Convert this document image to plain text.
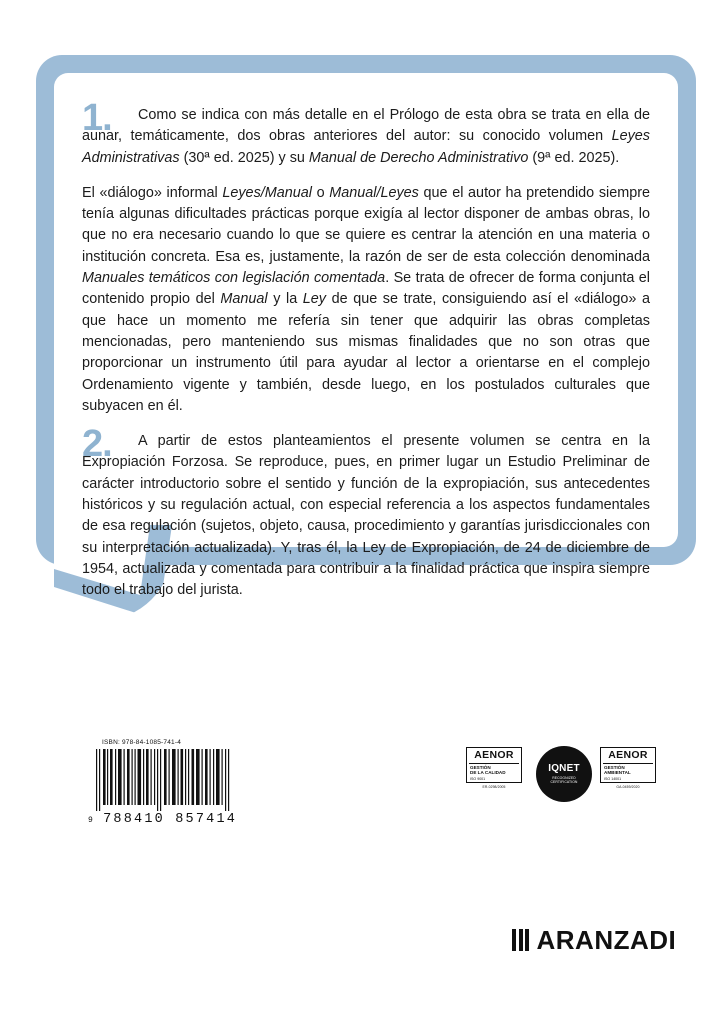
1.	Como se indica con más detalle en el Prólogo de esta obra se trata en ella de aunar, temáticamente, dos obras anteriores del autor: su conocido volumen Leyes Administrativas (30ª ed. 2025) y su Manual de Derecho Administrativo (9ª ed. 2025).

El «diálogo» informal Leyes/Manual o Manual/Leyes que el autor ha pretendido siempre tenía algunas dificultades prácticas porque exigía al lector disponer de ambas obras, lo que no era necesario cuando lo que se quiere es centrar la atención en una materia o institución concreta. Esa es, justamente, la razón de ser de esta colección denominada Manuales temáticos con legislación comentada. Se trata de ofrecer de forma conjunta el contenido propio del Manual y la Ley de que se trate, consiguiendo así el «diálogo» a que hace un momento me refería sin tener que adquirir las obras completas mencionadas, pero manteniendo sus mismas finalidades que no son otras que proporcionar un instrumento útil para ayudar al lector a orientarse en el complejo Ordenamiento vigente y también, desde luego, en los postulados culturales que subyacen en él.

2.	A partir de estos planteamientos el presente volumen se centra en la Expropiación Forzosa. Se reproduce, pues, en primer lugar un Estudio Preliminar de carácter introductorio sobre el sentido y función de la expropiación, sus antecedentes históricos y su regulación actual, con especial referencia a los aspectos fundamentales de esa regulación (sujetos, objeto, causa, procedimiento y garantías jurisdiccionales con su interpretación actualizada). Y, tras él, la Ley de Expropiación, de 24 de diciembre de 1954, actualizada y comentada para contribuir a la finalidad práctica que inspira siempre todo el trabajo del jurista.

ISBN: 978-84-1085-741-4
9 788410 857414
AENOR
GESTIÓN
DE LA CALIDAD
ISO 9001
ER-0298/2005
IQNET
RECOGNIZED
CERTIFICATION
AENOR
GESTIÓN
AMBIENTAL
ISO 14001
GA-0459/2020
ARANZADI
